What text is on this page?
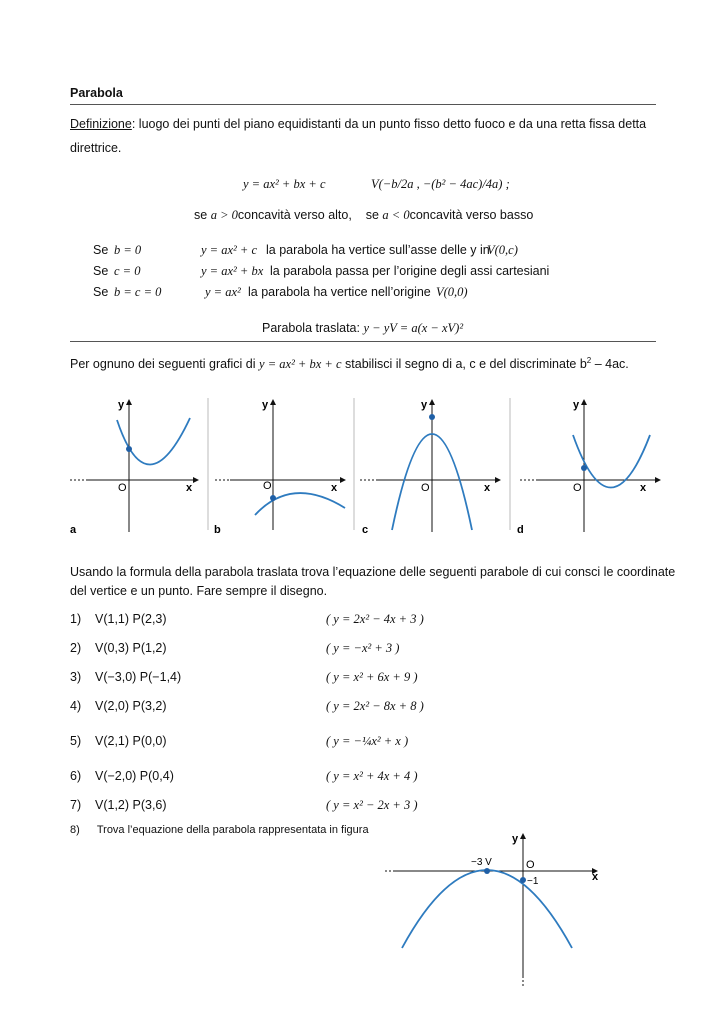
Parabola
Definizione: luogo dei punti del piano equidistanti da un punto fisso detto fuoco e da una retta fissa detta
direttrice.
y = ax² + bx + c	V(−b/2a , −(b² − 4ac)/4a) ;
se a > 0concavità verso alto, se a < 0concavità verso basso
Se b = 0	y = ax² + c la parabola ha vertice sull’asse delle y in
V(0,c)
Se c = 0	y = ax² + bx la parabola passa per l’origine degli assi cartesiani
Se b = c = 0	y = ax² la parabola ha vertice nell’origine V(0,0)
Parabola traslata: y − yV = a(x − xV)²
Per ognuno dei seguenti grafici di y = ax² + bx + c stabilisci il segno di a, c e del discriminate $b^2 - 4ac$.
y
x
O
a
y
x
O
b
y
x
O
c
y
x
O
d
Usando la formula della parabola traslata trova l’equazione delle seguenti parabole di cui consci le coordinate
del vertice e un punto. Fare sempre il disegno.
1) V(1,1) P(2,3)	( y = 2x² − 4x + 3 )
2) V(0,3) P(1,2)	( y = −x² + 3 )
3) V(−3,0) P(−1,4)	( y = x² + 6x + 9 )
4) V(2,0) P(3,2)	( y = 2x² − 8x + 8 )
5) V(2,1) P(0,0)	( y = −¼x² + x )
6) V(−2,0) P(0,4)	( y = x² + 4x + 4 )
7) V(1,2) P(3,6)	( y = x² − 2x + 3 )
8) Trova l’equazione della parabola rappresentata in figura
y
x
O
−3 V
−1
